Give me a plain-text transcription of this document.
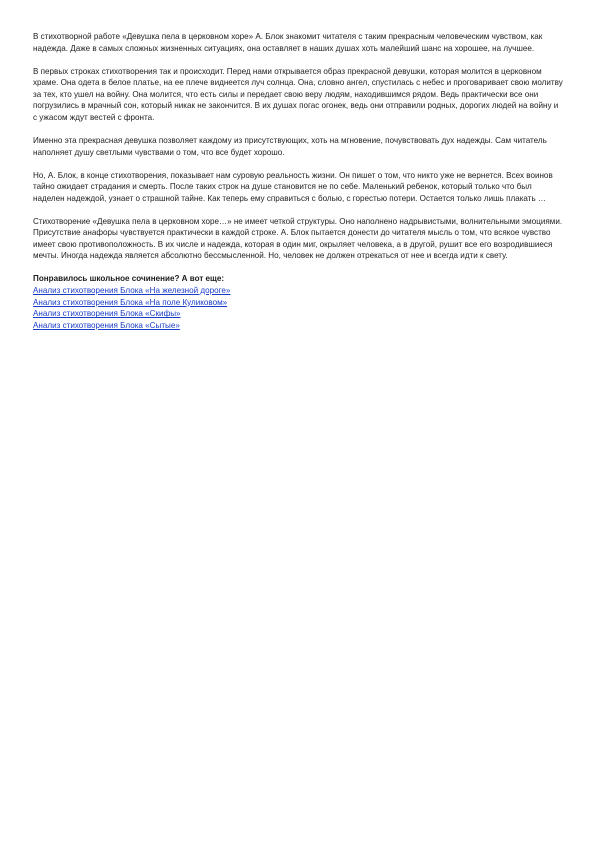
В стихотворной работе «Девушка пела в церковном хоре» А. Блок знакомит читателя с таким прекрасным человеческим чувством, как надежда. Даже в самых сложных жизненных ситуациях, она оставляет в наших душах хоть малейший шанс на хорошее, на лучшее.

В первых строках стихотворения так и происходит. Перед нами открывается образ прекрасной девушки, которая молится в церковном храме. Она одета в белое платье, на ее плече виднеется луч солнца. Она, словно ангел, спустилась с небес и проговаривает свою молитву за тех, кто ушел на войну. Она молится, что есть силы и передает свою веру людям, находившимся рядом. Ведь практически все они погрузились в мрачный сон, который никак не закончится. В их душах погас огонек, ведь они отправили родных, дорогих людей на войну и с ужасом ждут вестей с фронта.

Именно эта прекрасная девушка позволяет каждому из присутствующих, хоть на мгновение, почувствовать дух надежды. Сам читатель наполняет душу светлыми чувствами о том, что все будет хорошо.

Но, А. Блок, в конце стихотворения, показывает нам суровую реальность жизни. Он пишет о том, что никто уже не вернется. Всех воинов тайно ожидает страдания и смерть. После таких строк на душе становится не по себе. Маленький ребенок, который только что был наделен надеждой, узнает о страшной тайне. Как теперь ему справиться с болью, с горестью потери. Остается только лишь плакать …

Стихотворение «Девушка пела в церковном хоре…» не имеет четкой структуры. Оно наполнено надрывистыми, волнительными эмоциями. Присутствие анафоры чувствуется практически в каждой строке. А. Блок пытается донести до читателя мысль о том, что всякое чувство имеет свою противоположность. В их числе и надежда, которая в один миг, окрыляет человека, а в другой, рушит все его возродившиеся мечты. Иногда надежда является абсолютно бессмысленной. Но, человек не должен отрекаться от нее и всегда идти к свету.

Понравилось школьное сочинение? А вот еще:

Анализ стихотворения Блока «На железной дороге»
Анализ стихотворения Блока «На поле Куликовом»
Анализ стихотворения Блока «Скифы»
Анализ стихотворения Блока «Сытые»
